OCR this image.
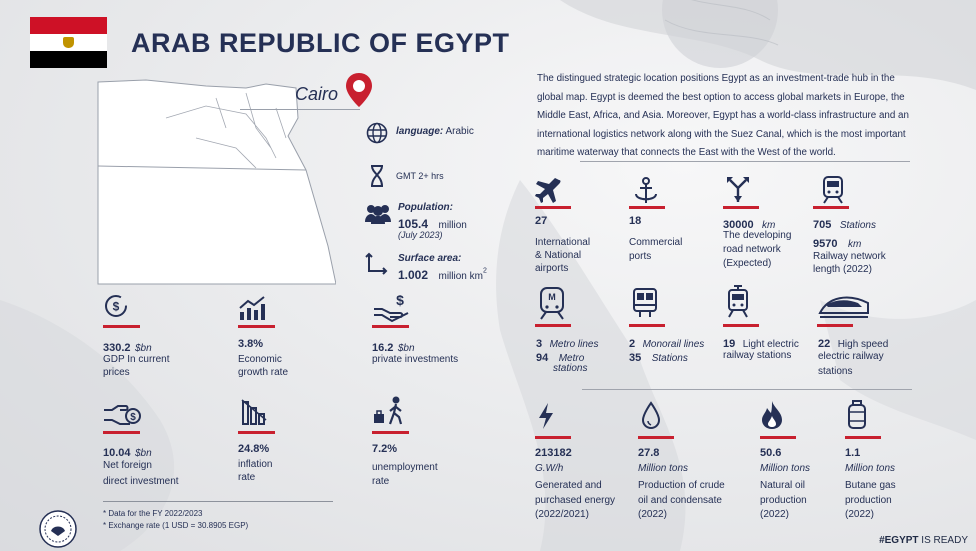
ARAB REPUBLIC OF EGYPT
Cairo
language: Arabic
GMT 2+ hrs
Population:
105.4 million
(July 2023)
Surface area:
1.002 million $km^2$
The distingued strategic location positions Egypt as an investment-trade hub in the global map. Egypt is deemed the best option to access global markets in Europe, the Middle East, Africa, and Asia. Moreover, Egypt has a world-class infrastructure and an international logistics network along with the Suez Canal, which is the most important maritime waterway that connects the East with the West of the world.
$
330.2 $bn
GDP In current
prices
3.8%
Economic
growth rate
$
16.2 $bn
private investments
$
10.04 $bn
Net foreign
direct investment
24.8%
inflation
rate
7.2%
unemployment
rate
* Data for the FY 2022/2023
* Exchange rate (1 USD = 30.8905 EGP)
27
International
& National
airports
18
Commercial
ports
30000 km
The developing
road network
(Expected)
705 Stations
9570 km
Railway network
length (2022)
M
3 Metro lines
94 Metro
stations
2 Monorail lines
35 Stations
19 Light electric
railway stations
22 High speed
electric railway
stations
213182
G.W/h
Generated and
purchased energy
(2022/2021)
27.8
Million tons
Production of crude
oil and condensate
(2022)
50.6
Million tons
Natural oil
production
(2022)
1.1
Million tons
Butane gas
production
(2022)
#EGYPT IS READY
